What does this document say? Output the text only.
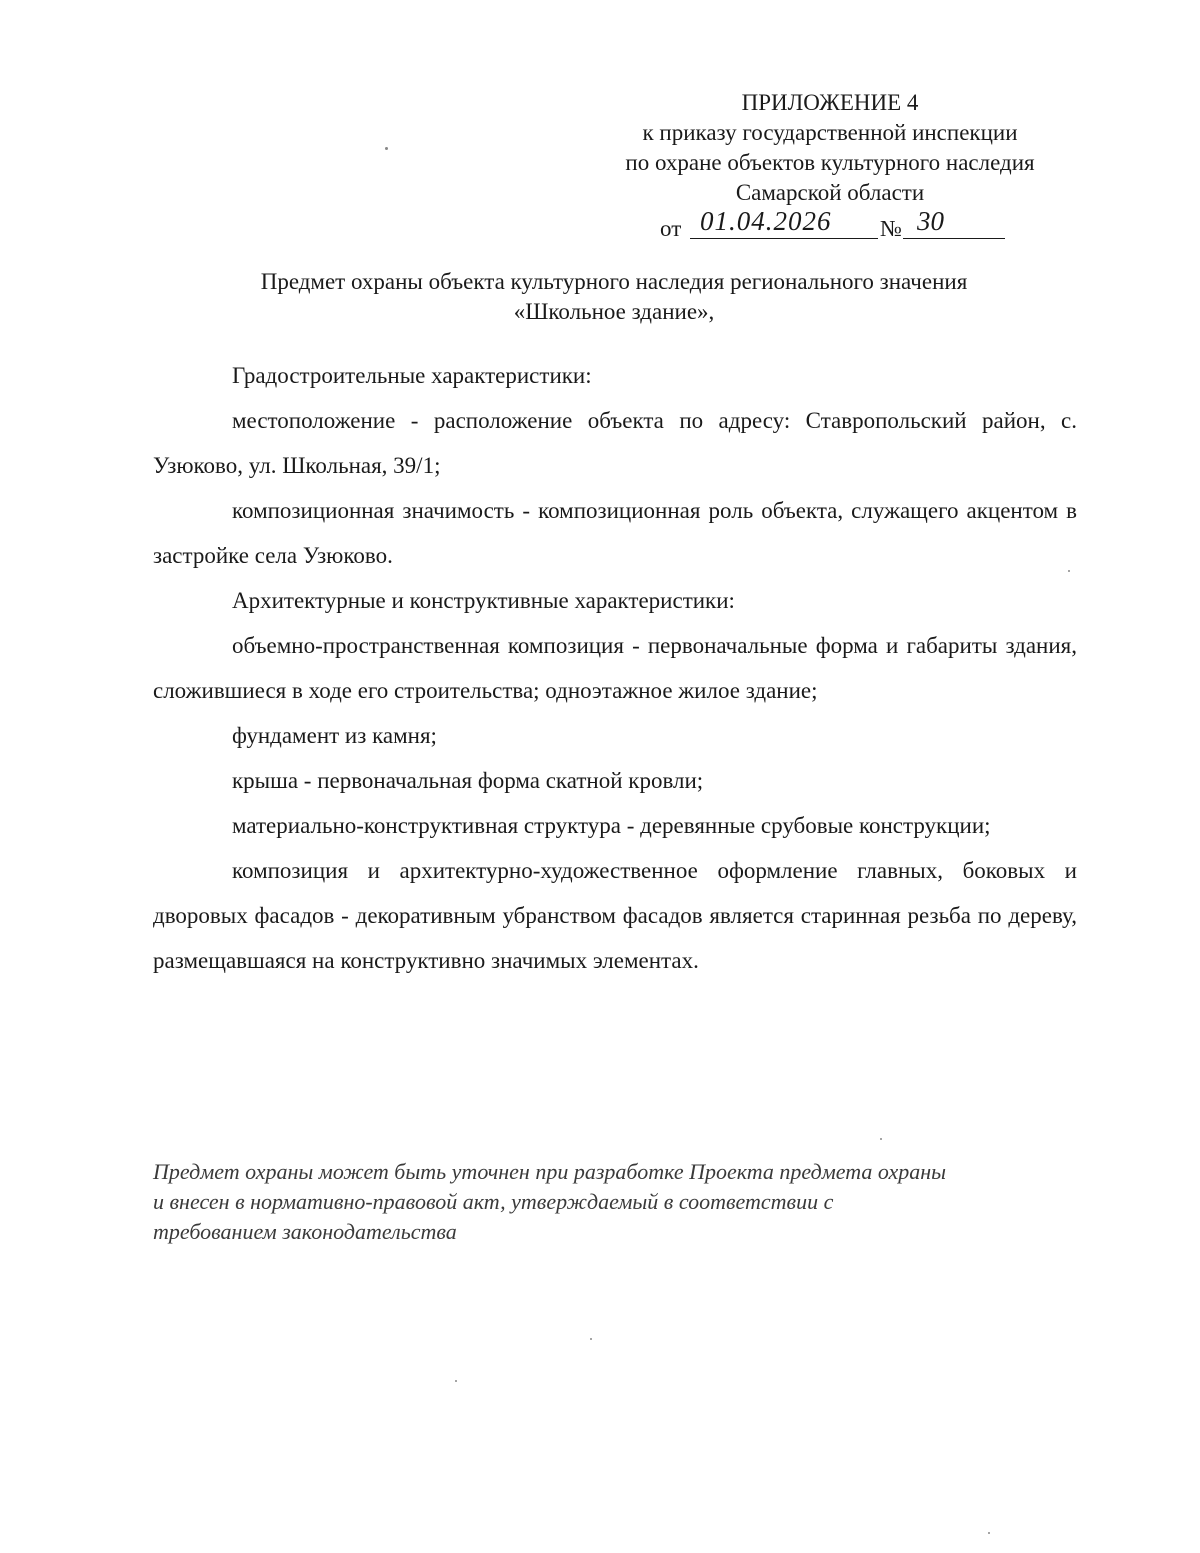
ПРИЛОЖЕНИЕ 4
к приказу государственной инспекции
по охране объектов культурного наследия
Самарской области
от 01.04.2026 № 30
Предмет охраны объекта культурного наследия регионального значения
«Школьное здание»,

Градостроительные характеристики:

местоположение - расположение объекта по адресу: Ставропольский район, с. Узюково, ул. Школьная, 39/1;

композиционная значимость - композиционная роль объекта, служащего акцентом в застройке села Узюково.

Архитектурные и конструктивные характеристики:

объемно-пространственная композиция - первоначальные форма и габариты здания, сложившиеся в ходе его строительства; одноэтажное жилое здание;

фундамент из камня;

крыша - первоначальная форма скатной кровли;

материально-конструктивная структура - деревянные срубовые конструкции;

композиция и архитектурно-художественное оформление главных, боковых и дворовых фасадов - декоративным убранством фасадов является старинная резьба по дереву, размещавшаяся на конструктивно значимых элементах.

Предмет охраны может быть уточнен при разработке Проекта предмета охраны
и внесен в нормативно-правовой акт, утверждаемый в соответствии с
требованием законодательства
